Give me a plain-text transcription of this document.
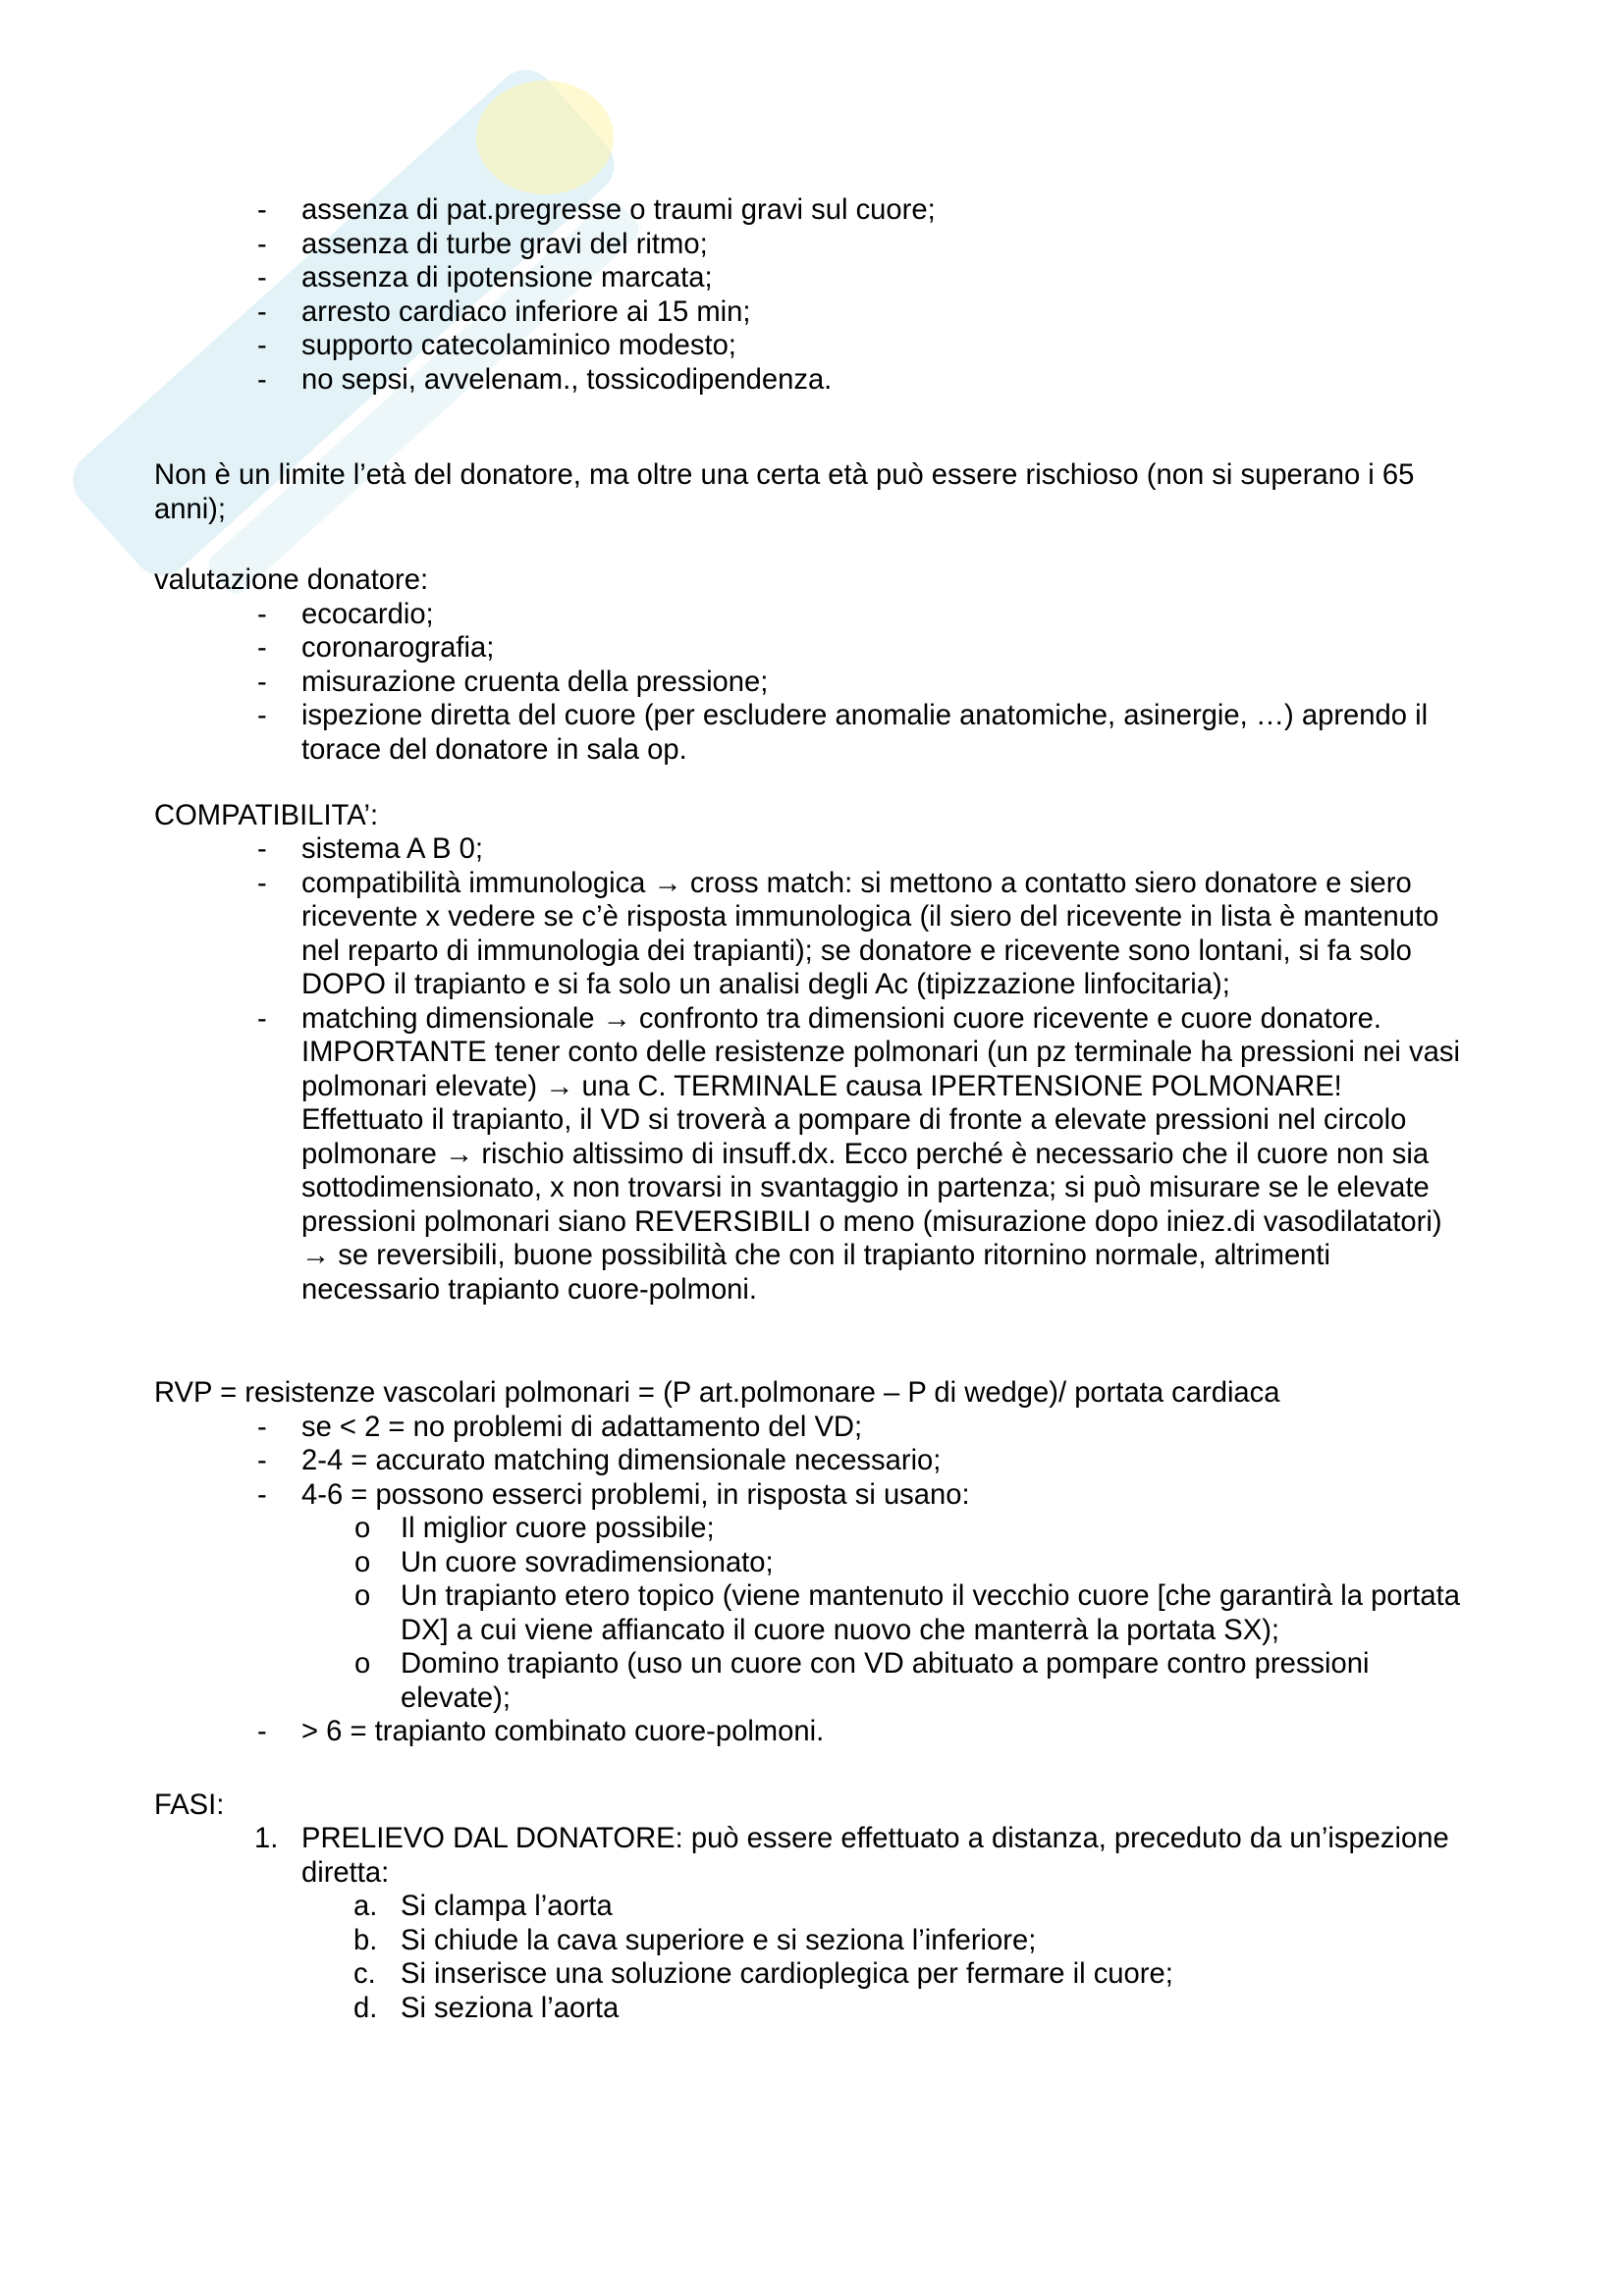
- assenza di pat.pregresse o traumi gravi sul cuore;
- assenza di turbe gravi del ritmo;
- assenza di ipotensione marcata;
- arresto cardiaco inferiore ai 15 min;
- supporto catecolaminico modesto;
- no sepsi, avvelenam., tossicodipendenza.

Non è un limite l’età del donatore, ma oltre una certa età può essere rischioso (non si superano i 65 anni);

valutazione donatore:

- ecocardio;
- coronarografia;
- misurazione cruenta della pressione;
- ispezione diretta del cuore (per escludere anomalie anatomiche, asinergie, …) aprendo il torace del donatore in sala op.

COMPATIBILITA’:

- sistema A B 0;
- compatibilità immunologica → cross match: si mettono a contatto siero donatore e siero ricevente x vedere se c’è risposta immunologica (il siero del ricevente in lista è mantenuto nel reparto di immunologia dei trapianti); se donatore e ricevente sono lontani, si fa solo DOPO il trapianto e si fa solo un analisi degli Ac (tipizzazione linfocitaria);
- matching dimensionale → confronto tra dimensioni cuore ricevente e cuore donatore. IMPORTANTE tener conto delle resistenze polmonari (un pz terminale ha pressioni nei vasi polmonari elevate) → una C. TERMINALE causa IPERTENSIONE POLMONARE!
Effettuato il trapianto, il VD si troverà a pompare di fronte a elevate pressioni nel circolo polmonare → rischio altissimo di insuff.dx. Ecco perché è necessario che il cuore non sia sottodimensionato, x non trovarsi in svantaggio in partenza; si può misurare se le elevate pressioni polmonari siano REVERSIBILI o meno (misurazione dopo iniez.di vasodilatatori) → se reversibili, buone possibilità che con il trapianto ritornino normale, altrimenti necessario trapianto cuore-polmoni.

RVP = resistenze vascolari polmonari = (P art.polmonare – P di wedge)/ portata cardiaca

- se < 2 = no problemi di adattamento del VD;
- 2-4 = accurato matching dimensionale necessario;
- 4-6 = possono esserci problemi, in risposta si usano:
o Il miglior cuore possibile;
o Un cuore sovradimensionato;
o Un trapianto etero topico (viene mantenuto il vecchio cuore [che garantirà la portata DX] a cui viene affiancato il cuore nuovo che manterrà la portata SX);
o Domino trapianto (uso un cuore con VD abituato a pompare contro pressioni elevate);
- > 6 = trapianto combinato cuore-polmoni.

FASI:

1. PRELIEVO DAL DONATORE: può essere effettuato a distanza, preceduto da un’ispezione diretta:
a. Si clampa l’aorta
b. Si chiude la cava superiore e si seziona l’inferiore;
c. Si inserisce una soluzione cardioplegica per fermare il cuore;
d. Si seziona l’aorta
